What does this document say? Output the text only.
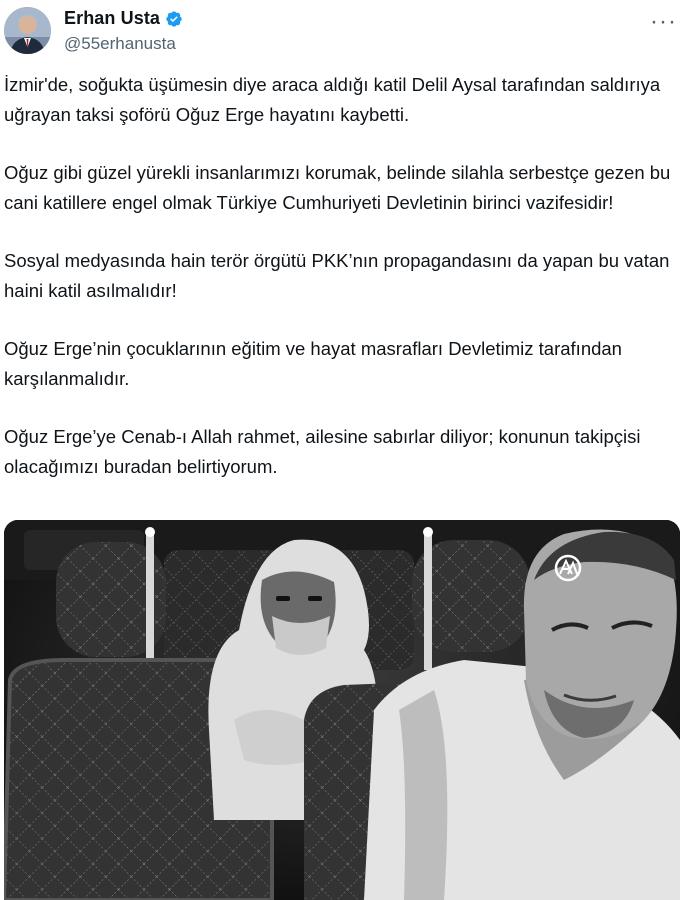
Erhan Usta
@55erhanusta
···

İzmir'de, soğukta üşümesin diye araca aldığı katil Delil Aysal tarafından saldırıya uğrayan taksi şoförü Oğuz Erge hayatını kaybetti.

Oğuz gibi güzel yürekli insanlarımızı korumak, belinde silahla serbestçe gezen bu cani katillere engel olmak Türkiye Cumhuriyeti Devletinin birinci vazifesidir!

Sosyal medyasında hain terör örgütü PKK’nın propagandasını da yapan bu vatan haini katil asılmalıdır!

Oğuz Erge’nin çocuklarının eğitim ve hayat masrafları Devletimiz tarafından karşılanmalıdır.

Oğuz Erge’ye Cenab-ı Allah rahmet, ailesine sabırlar diliyor; konunun takipçisi olacağımızı buradan belirtiyorum.
